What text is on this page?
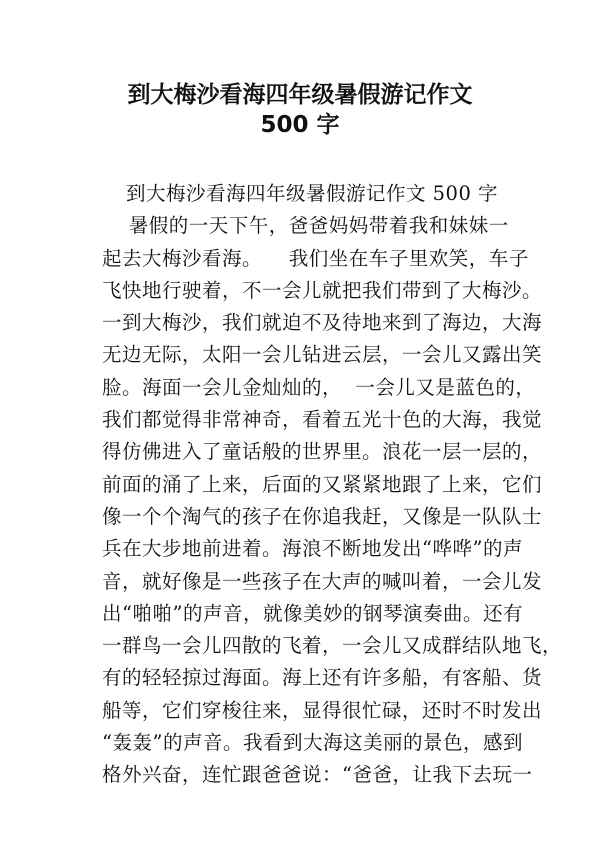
到大梅沙看海四年级暑假游记作文
500 字
到大梅沙看海四年级暑假游记作文 500 字
暑假的一天下午，爸爸妈妈带着我和妹妹一
起去大梅沙看海。    我们坐在车子里欢笑，车子
飞快地行驶着，不一会儿就把我们带到了大梅沙。
一到大梅沙，我们就迫不及待地来到了海边，大海
无边无际，太阳一会儿钻进云层，一会儿又露出笑
脸。海面一会儿金灿灿的，  一会儿又是蓝色的，
我们都觉得非常神奇，看着五光十色的大海，我觉
得仿佛进入了童话般的世界里。浪花一层一层的，
前面的涌了上来，后面的又紧紧地跟了上来，它们
像一个个淘气的孩子在你追我赶，又像是一队队士
兵在大步地前进着。海浪不断地发出“哗哗”的声
音，就好像是一些孩子在大声的喊叫着，一会儿发
出“啪啪”的声音，就像美妙的钢琴演奏曲。还有
一群鸟一会儿四散的飞着，一会儿又成群结队地飞，
有的轻轻掠过海面。海上还有许多船，有客船、货
船等，它们穿梭往来，显得很忙碌，还时不时发出
“轰轰”的声音。我看到大海这美丽的景色，感到
格外兴奋，连忙跟爸爸说：“爸爸，让我下去玩一
